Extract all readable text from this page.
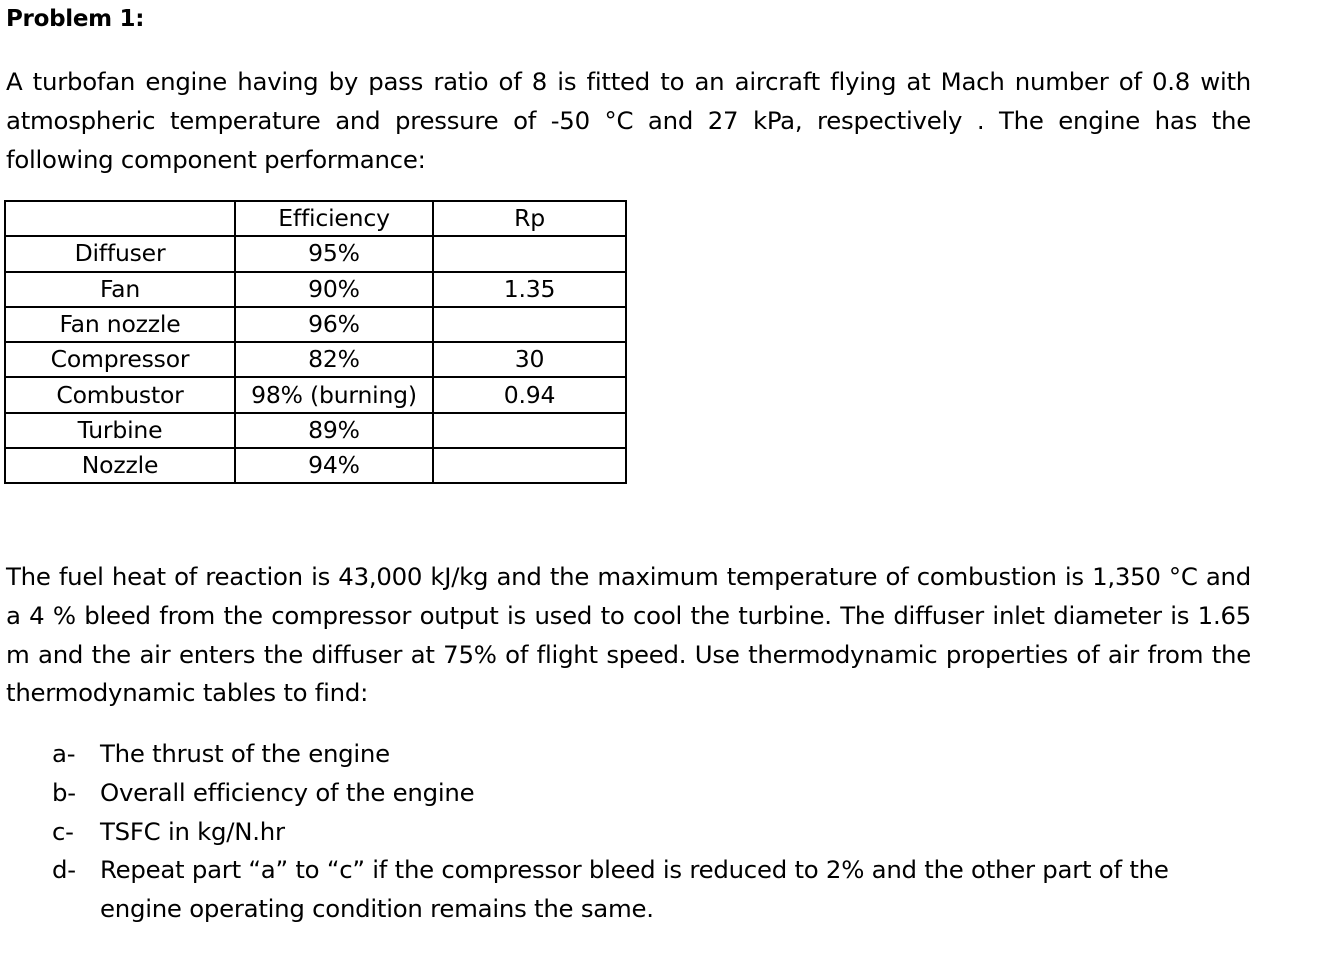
Problem 1:
A turbofan engine having by pass ratio of 8 is fitted to an aircraft flying at Mach number of 0.8 with atmospheric temperature and pressure of -50 °C and 27 kPa, respectively . The engine has the following component performance:
	Efficiency	Rp
Diffuser	95%	
Fan	90%	1.35
Fan nozzle	96%	
Compressor	82%	30
Combustor	98% (burning)	0.94
Turbine	89%	
Nozzle	94%	
The fuel heat of reaction is 43,000 kJ/kg and the maximum temperature of combustion is 1,350 °C and a 4 % bleed from the compressor output is used to cool the turbine. The diffuser inlet diameter is 1.65 m and the air enters the diffuser at 75% of flight speed. Use thermodynamic properties of air from the thermodynamic tables to find:
a-	The thrust of the engine
b- Overall efficiency of the engine
c-	TSFC in kg/N.hr
d- Repeat part “a” to “c” if the compressor bleed is reduced to 2% and the other part of the engine operating condition remains the same.
